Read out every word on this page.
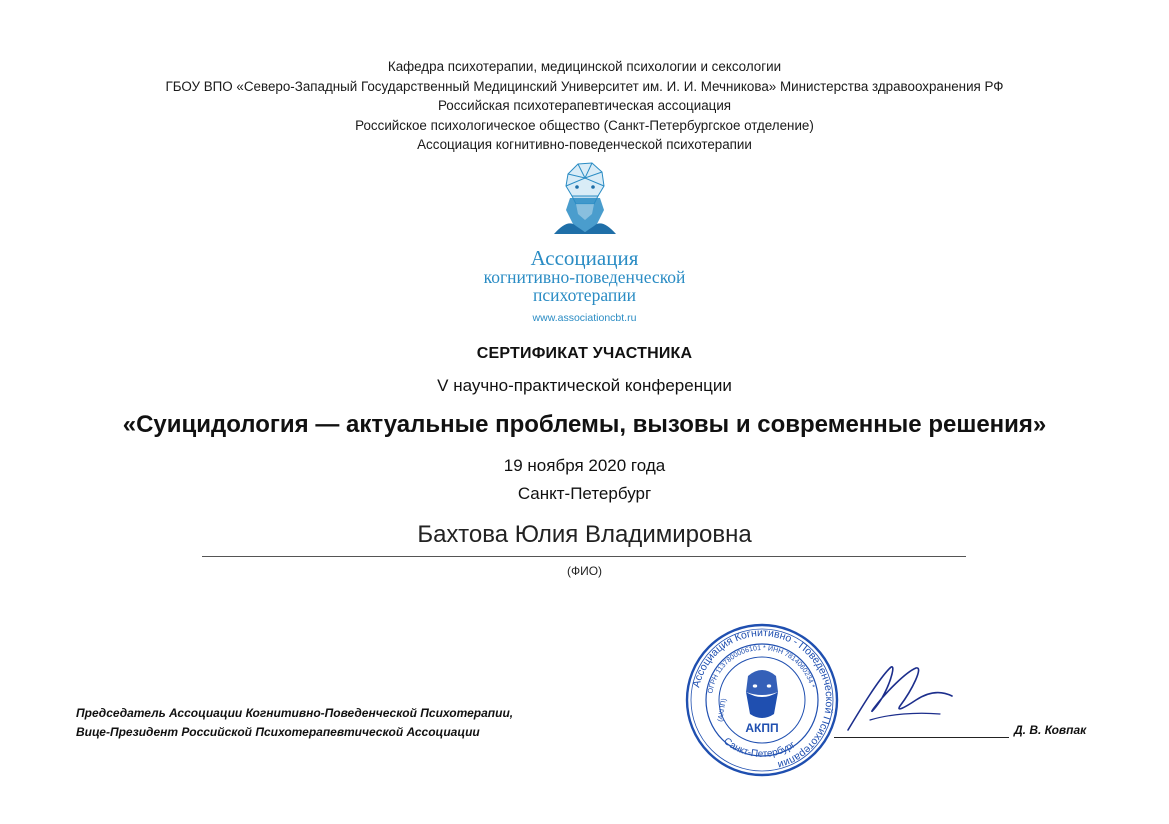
Кафедра психотерапии, медицинской психологии и сексологии
ГБОУ ВПО «Северо-Западный Государственный Медицинский Университет им. И. И. Мечникова» Министерства здравоохранения РФ
Российская психотерапевтическая ассоциация
Российское психологическое общество (Санкт-Петербургское отделение)
Ассоциация когнитивно-поведенческой психотерапии
Ассоциация
когнитивно-поведенческой
психотерапии
www.associationcbt.ru
СЕРТИФИКАТ УЧАСТНИКА
V научно-практической конференции
«Суицидология — актуальные проблемы, вызовы и современные решения»
19 ноября 2020 года
Санкт-Петербург
Бахтова Юлия Владимировна
(ФИО)
Председатель Ассоциации Когнитивно-Поведенческой Психотерапии,
Вице-Президент Российской Психотерапевтической Ассоциации
Ассоциация Когнитивно - Поведенческой Психотерапии
ОГРН 1137800006101 * ИНН 7814060234 *
Санкт-Петербург
(АКПП)
АКПП	Д. В. Ковпак
